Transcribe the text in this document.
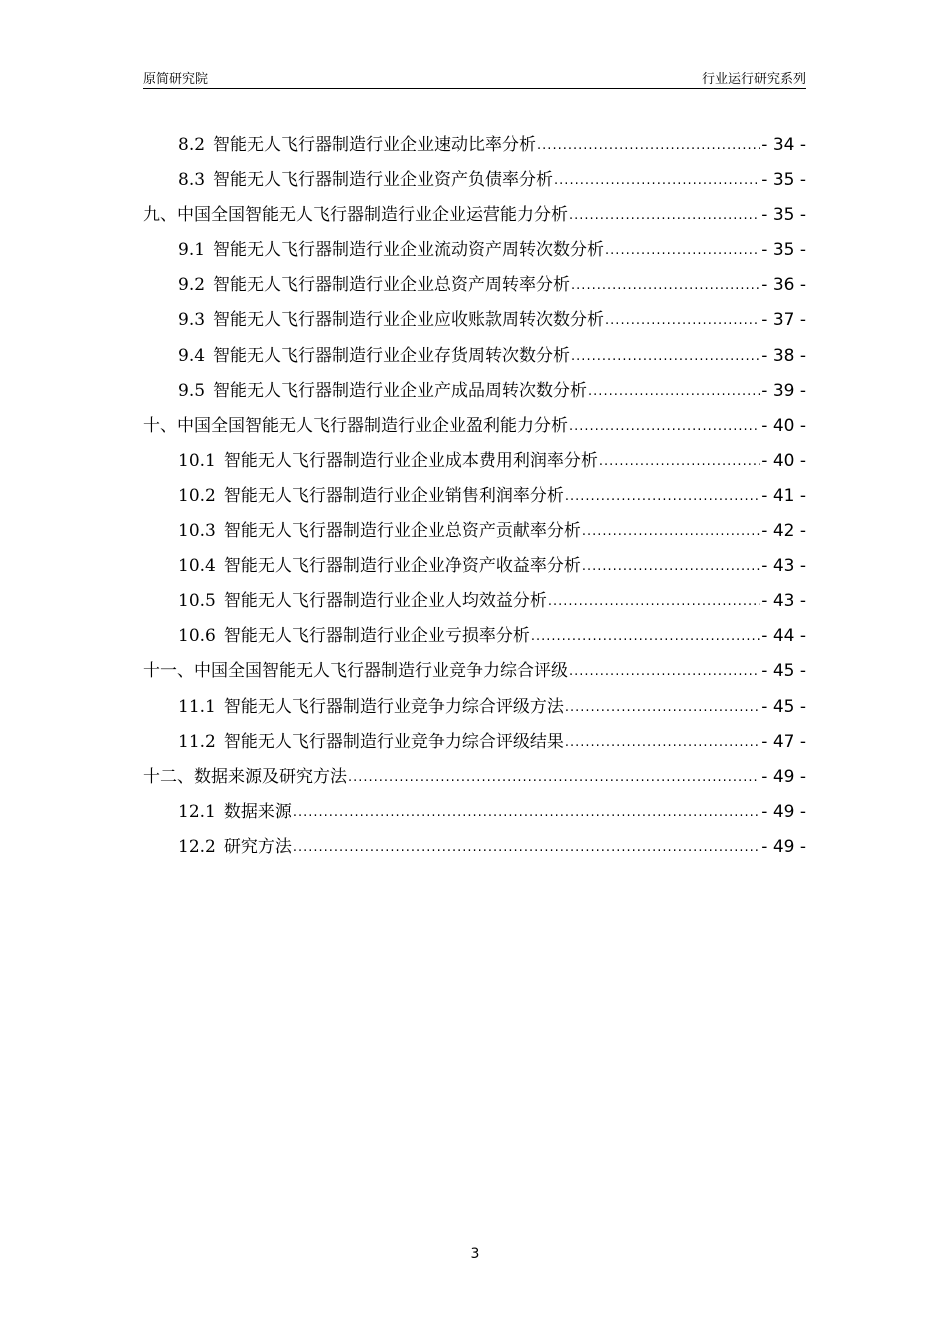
原简研究院	行业运行研究系列
8.2 智能无人飞行器制造行业企业速动比率分析 .....	- 34 -
8.3 智能无人飞行器制造行业企业资产负债率分析 .....	- 35 -
九、中国全国智能无人飞行器制造行业企业运营能力分析 .....	- 35 -
9.1 智能无人飞行器制造行业企业流动资产周转次数分析 .....	- 35 -
9.2 智能无人飞行器制造行业企业总资产周转率分析 .....	- 36 -
9.3 智能无人飞行器制造行业企业应收账款周转次数分析 .....	- 37 -
9.4 智能无人飞行器制造行业企业存货周转次数分析 .....	- 38 -
9.5 智能无人飞行器制造行业企业产成品周转次数分析 .....	- 39 -
十、中国全国智能无人飞行器制造行业企业盈利能力分析 .....	- 40 -
10.1 智能无人飞行器制造行业企业成本费用利润率分析 .....	- 40 -
10.2 智能无人飞行器制造行业企业销售利润率分析 .....	- 41 -
10.3 智能无人飞行器制造行业企业总资产贡献率分析 .....	- 42 -
10.4 智能无人飞行器制造行业企业净资产收益率分析 .....	- 43 -
10.5 智能无人飞行器制造行业企业人均效益分析 .....	- 43 -
10.6 智能无人飞行器制造行业企业亏损率分析 .....	- 44 -
十一、中国全国智能无人飞行器制造行业竞争力综合评级 .....	- 45 -
11.1 智能无人飞行器制造行业竞争力综合评级方法 .....	- 45 -
11.2 智能无人飞行器制造行业竞争力综合评级结果 .....	- 47 -
十二、数据来源及研究方法 .....	- 49 -
12.1 数据来源 .....	- 49 -
12.2 研究方法 .....	- 49 -
3
